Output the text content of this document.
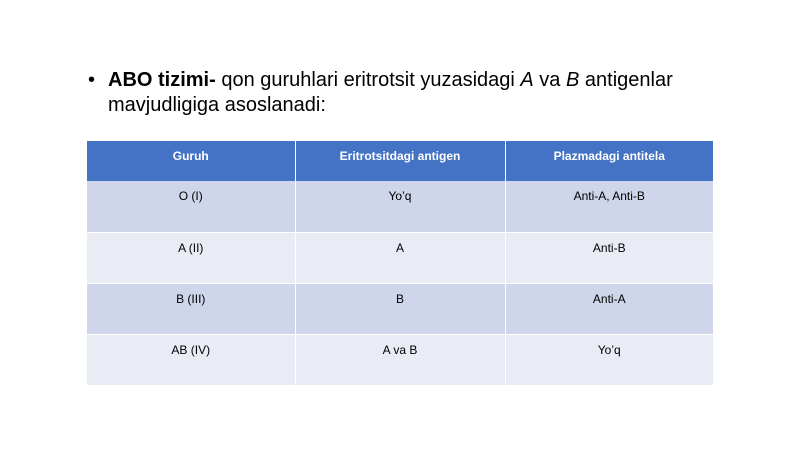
• ABO tizimi- qon guruhlari eritrotsit yuzasidagi A va B antigenlar mavjudligiga asoslanadi:
Guruh	Eritrotsitdagi antigen	Plazmadagi antitela
O (I)	Yo’q	Anti-A, Anti-B
A (II)	A	Anti-B
B (III)	B	Anti-A
AB (IV)	A va B	Yo’q
